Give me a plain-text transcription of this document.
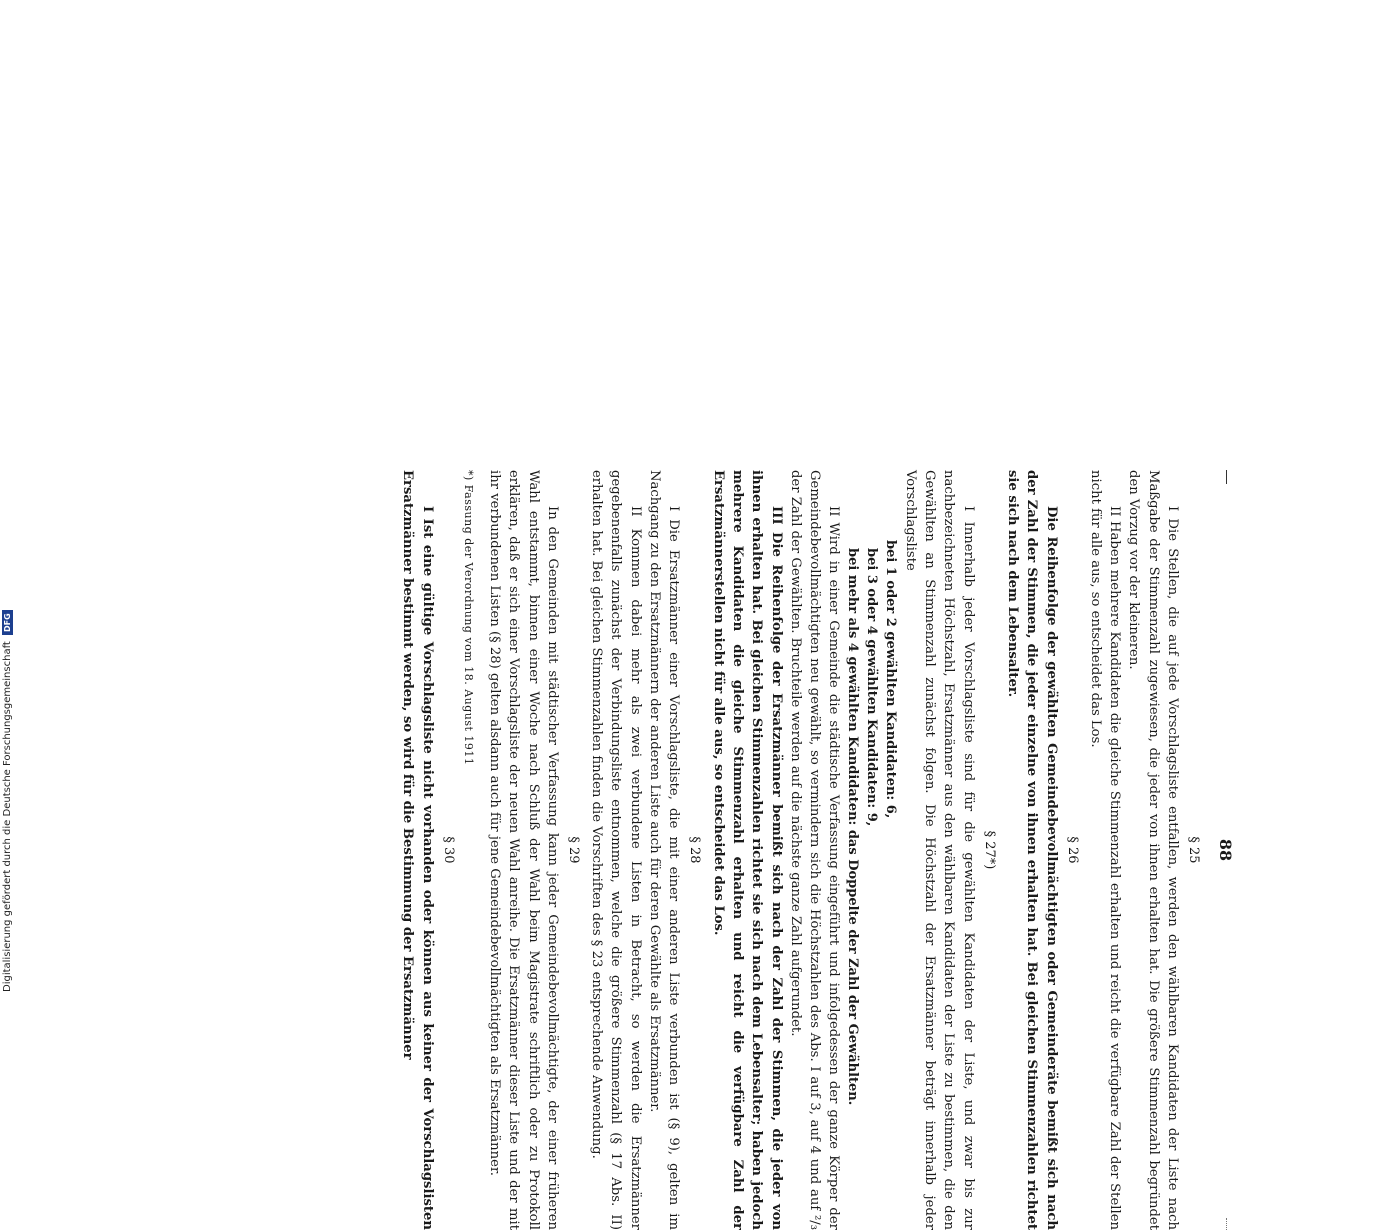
88
§ 25

I Die Stellen, die auf jede Vorschlagsliste entfallen, werden den wählbaren Kandidaten der Liste nach Maßgabe der Stimmenzahl zugewiesen, die jeder von ihnen erhalten hat. Die größere Stimmenzahl begründet den Vorzug vor der kleineren.

II Haben mehrere Kandidaten die gleiche Stimmenzahl erhalten und reicht die verfügbare Zahl der Stellen nicht für alle aus, so entscheidet das Los.

§ 26

Die Reihenfolge der gewählten Gemeindebevollmächtigten oder Gemeinderäte bemißt sich nach der Zahl der Stimmen, die jeder einzelne von ihnen erhalten hat. Bei gleichen Stimmenzahlen richtet sie sich nach dem Lebensalter.

§ 27*)

I Innerhalb jeder Vorschlagsliste sind für die gewählten Kandidaten der Liste, und zwar bis zur nachbezeichneten Höchstzahl, Ersatzmänner aus den wählbaren Kandidaten der Liste zu bestimmen, die den Gewählten an Stimmenzahl zunächst folgen. Die Höchstzahl der Ersatzmänner beträgt innerhalb jeder Vorschlagsliste

bei 1 oder 2 gewählten Kandidaten: 6,
bei 3 oder 4 gewählten Kandidaten: 9,
bei mehr als 4 gewählten Kandidaten: das Doppelte der Zahl der Gewählten.

II Wird in einer Gemeinde die städtische Verfassung eingeführt und infolgedessen der ganze Körper der Gemeindebevollmächtigten neu gewählt, so vermindern sich die Höchstzahlen des Abs. I auf 3, auf 4 und auf ²/₃ der Zahl der Gewählten. Bruchteile werden auf die nächste ganze Zahl aufgerundet.

III Die Reihenfolge der Ersatzmänner bemißt sich nach der Zahl der Stimmen, die jeder von ihnen erhalten hat. Bei gleichen Stimmenzahlen richtet sie sich nach dem Lebensalter; haben jedoch mehrere Kandidaten die gleiche Stimmenzahl erhalten und reicht die verfügbare Zahl der Ersatzmännerstellen nicht für alle aus, so entscheidet das Los.

§ 28

I Die Ersatzmänner einer Vorschlagsliste, die mit einer anderen Liste verbunden ist (§ 9), gelten im Nachgang zu den Ersatzmännern der anderen Liste auch für deren Gewählte als Ersatzmänner.

II Kommen dabei mehr als zwei verbundene Listen in Betracht, so werden die Ersatzmänner gegebenenfalls zunächst der Verbindungsliste entnommen, welche die größere Stimmenzahl (§ 17 Abs. II) erhalten hat. Bei gleichen Stimmenzahlen finden die Vorschriften des § 23 entsprechende Anwendung.

§ 29

In den Gemeinden mit städtischer Verfassung kann jeder Gemeindebevollmächtigte, der einer früheren Wahl entstammt, binnen einer Woche nach Schluß der Wahl beim Magistrate schriftlich oder zu Protokoll erklären, daß er sich einer Vorschlagsliste der neuen Wahl anreihe. Die Ersatzmänner dieser Liste und der mit ihr verbundenen Listen (§ 28) gelten alsdann auch für jene Gemeindebevollmächtigten als Ersatzmänner.

*) Fassung der Verordnung vom 18. August 1911
§ 30

I Ist eine gültige Vorschlagsliste nicht vorhanden oder können aus keiner der Vorschlagslisten Ersatzmänner bestimmt werden, so wird für die Bestimmung der Ersatzmänner

Digitalisierung gefördert durch die Deutsche Forschungsgemeinschaft DFG
